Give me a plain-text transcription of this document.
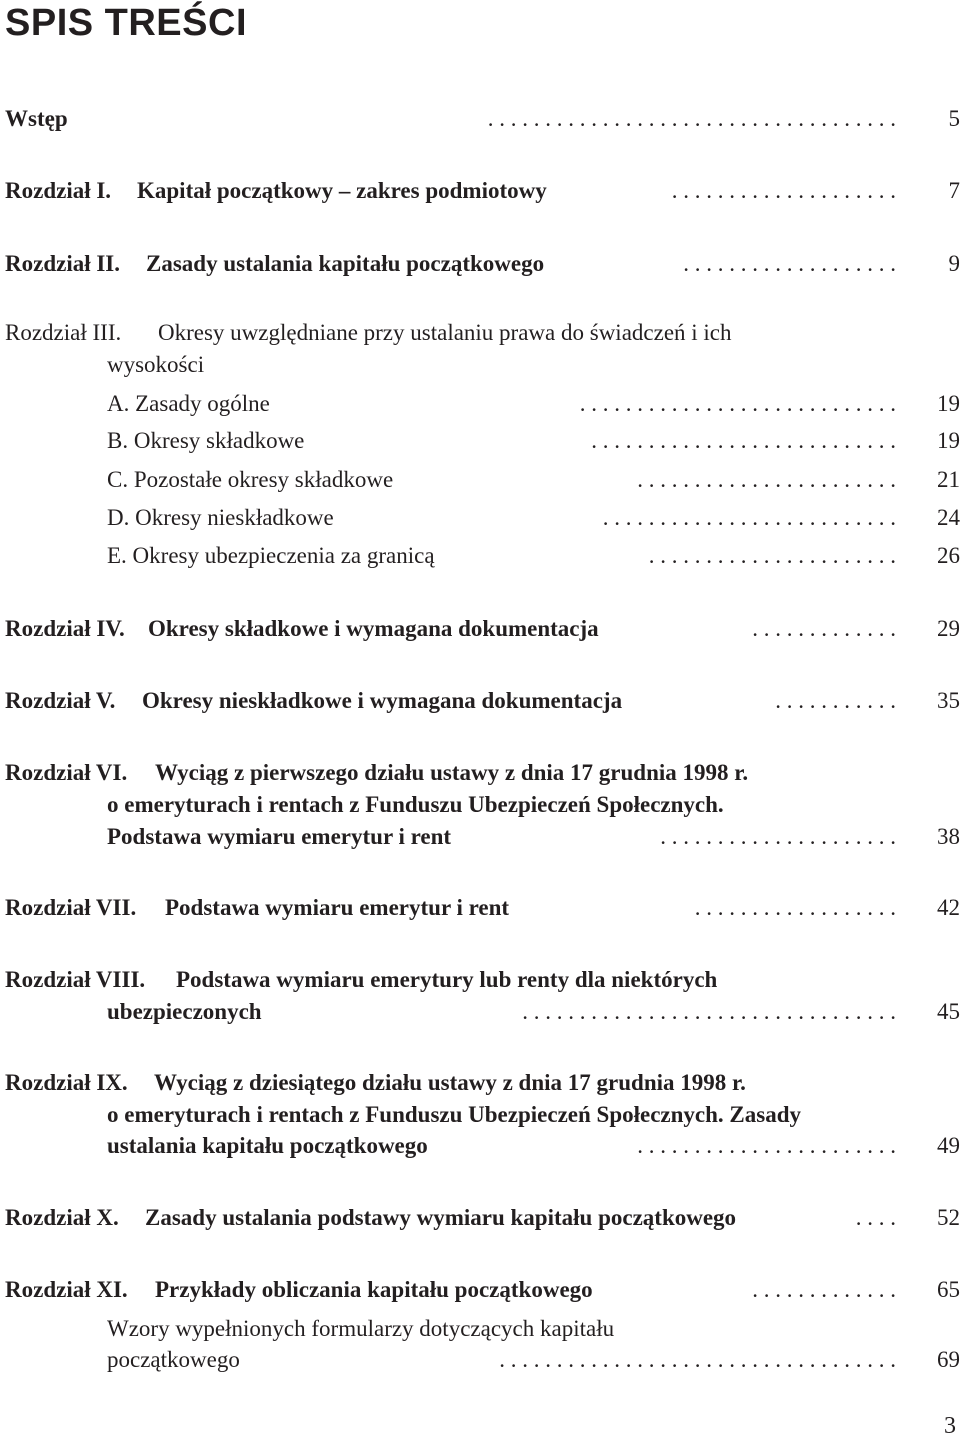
SPIS TREŚCI
Wstęp	. . . . . . . . . . . . . . . . . . . . . . . . . . . . . . . . . . . .	5
Rozdział I. Kapitał początkowy – zakres podmiotowy	. . . . . . . . . . . . . . . . . . . .	7
Rozdział II. Zasady ustalania kapitału początkowego	. . . . . . . . . . . . . . . . . . .	9
Rozdział III. Okresy uwzględniane przy ustalaniu prawa do świadczeń i ich
wysokości
A. Zasady ogólne	. . . . . . . . . . . . . . . . . . . . . . . . . . . .	19
B. Okresy składkowe	. . . . . . . . . . . . . . . . . . . . . . . . . . .	19
C. Pozostałe okresy składkowe	. . . . . . . . . . . . . . . . . . . . . . .	21
D. Okresy nieskładkowe	. . . . . . . . . . . . . . . . . . . . . . . . . .	24
E. Okresy ubezpieczenia za granicą	. . . . . . . . . . . . . . . . . . . . . .	26
Rozdział IV. Okresy składkowe i wymagana dokumentacja	. . . . . . . . . . . . .	29
Rozdział V. Okresy nieskładkowe i wymagana dokumentacja	. . . . . . . . . . .	35
Rozdział VI. Wyciąg z pierwszego działu ustawy z dnia 17 grudnia 1998 r.
o emeryturach i rentach z Funduszu Ubezpieczeń Społecznych.
Podstawa wymiaru emerytur i rent	. . . . . . . . . . . . . . . . . . . . .	38
Rozdział VII. Podstawa wymiaru emerytur i rent	. . . . . . . . . . . . . . . . . .	42
Rozdział VIII. Podstawa wymiaru emerytury lub renty dla niektórych
ubezpieczonych	. . . . . . . . . . . . . . . . . . . . . . . . . . . . . . . . .	45
Rozdział IX. Wyciąg z dziesiątego działu ustawy z dnia 17 grudnia 1998 r.
o emeryturach i rentach z Funduszu Ubezpieczeń Społecznych. Zasady
ustalania kapitału początkowego	. . . . . . . . . . . . . . . . . . . . . . .	49
Rozdział X. Zasady ustalania podstawy wymiaru kapitału początkowego	. . . .	52
Rozdział XI. Przykłady obliczania kapitału początkowego	. . . . . . . . . . . . .	65
Wzory wypełnionych formularzy dotyczących kapitału
początkowego	. . . . . . . . . . . . . . . . . . . . . . . . . . . . . . . . . . .	69
3
